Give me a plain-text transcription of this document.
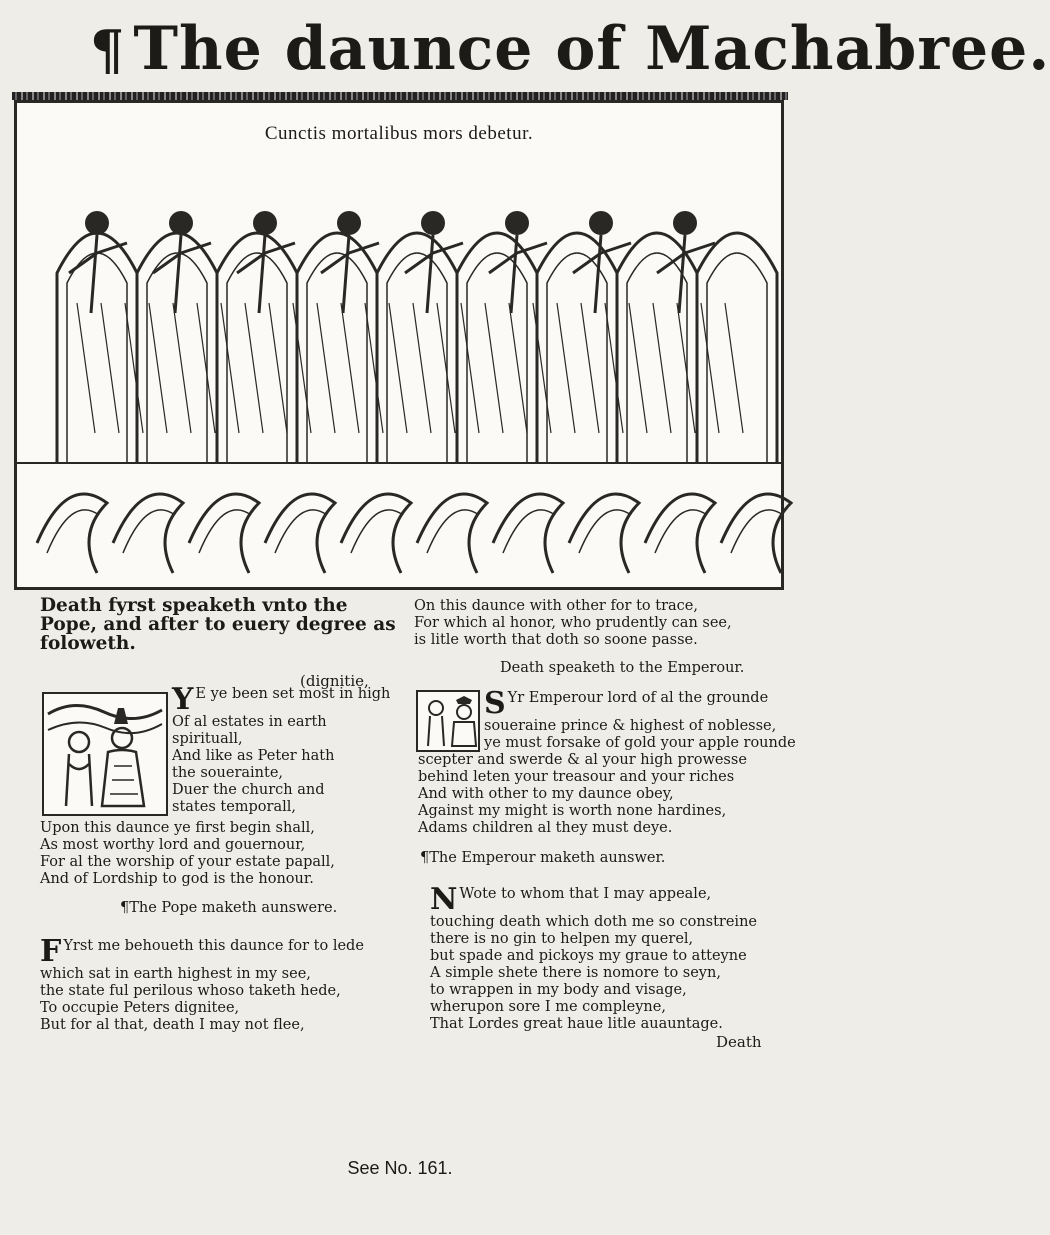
¶ The daunce of Machabree.
Cunctis mortalibus mors debetur.
Death fyrst speaketh vnto the
Pope, and after to euery degree as
foloweth.
(dignitie,
Y E ye been set most in high
Of al estates in earth
spirituall,
And like as Peter hath
the souerainte,
Duer the church and
states temporall,
Upon this daunce ye first begin shall,
As most worthy lord and gouernour,
For al the worship of your estate papall,
And of Lordship to god is the honour.
¶The Pope maketh aunswere.
F Yrst me behoueth this daunce for to lede
which sat in earth highest in my see,
the state ful perilous whoso taketh hede,
To occupie Peters dignitee,
But for al that, death I may not flee,
On this daunce with other for to trace,
For which al honor, who prudently can see,
is litle worth that doth so soone passe.
Death speaketh to the Emperour.
S Yr Emperour lord of al the grounde
soueraine prince & highest of noblesse,
ye must forsake of gold your apple rounde
scepter and swerde & al your high prowesse
behind leten your treasour and your riches
And with other to my daunce obey,
Against my might is worth none hardines,
Adams children al they must deye.
¶The Emperour maketh aunswer.
N Wote to whom that I may appeale,
touching death which doth me so constreine
there is no gin to helpen my querel,
but spade and pickoys my graue to atteyne
A simple shete there is nomore to seyn,
to wrappen in my body and visage,
wherupon sore I me compleyne,
That Lordes great haue litle auauntage.
Death
See No. 161.
